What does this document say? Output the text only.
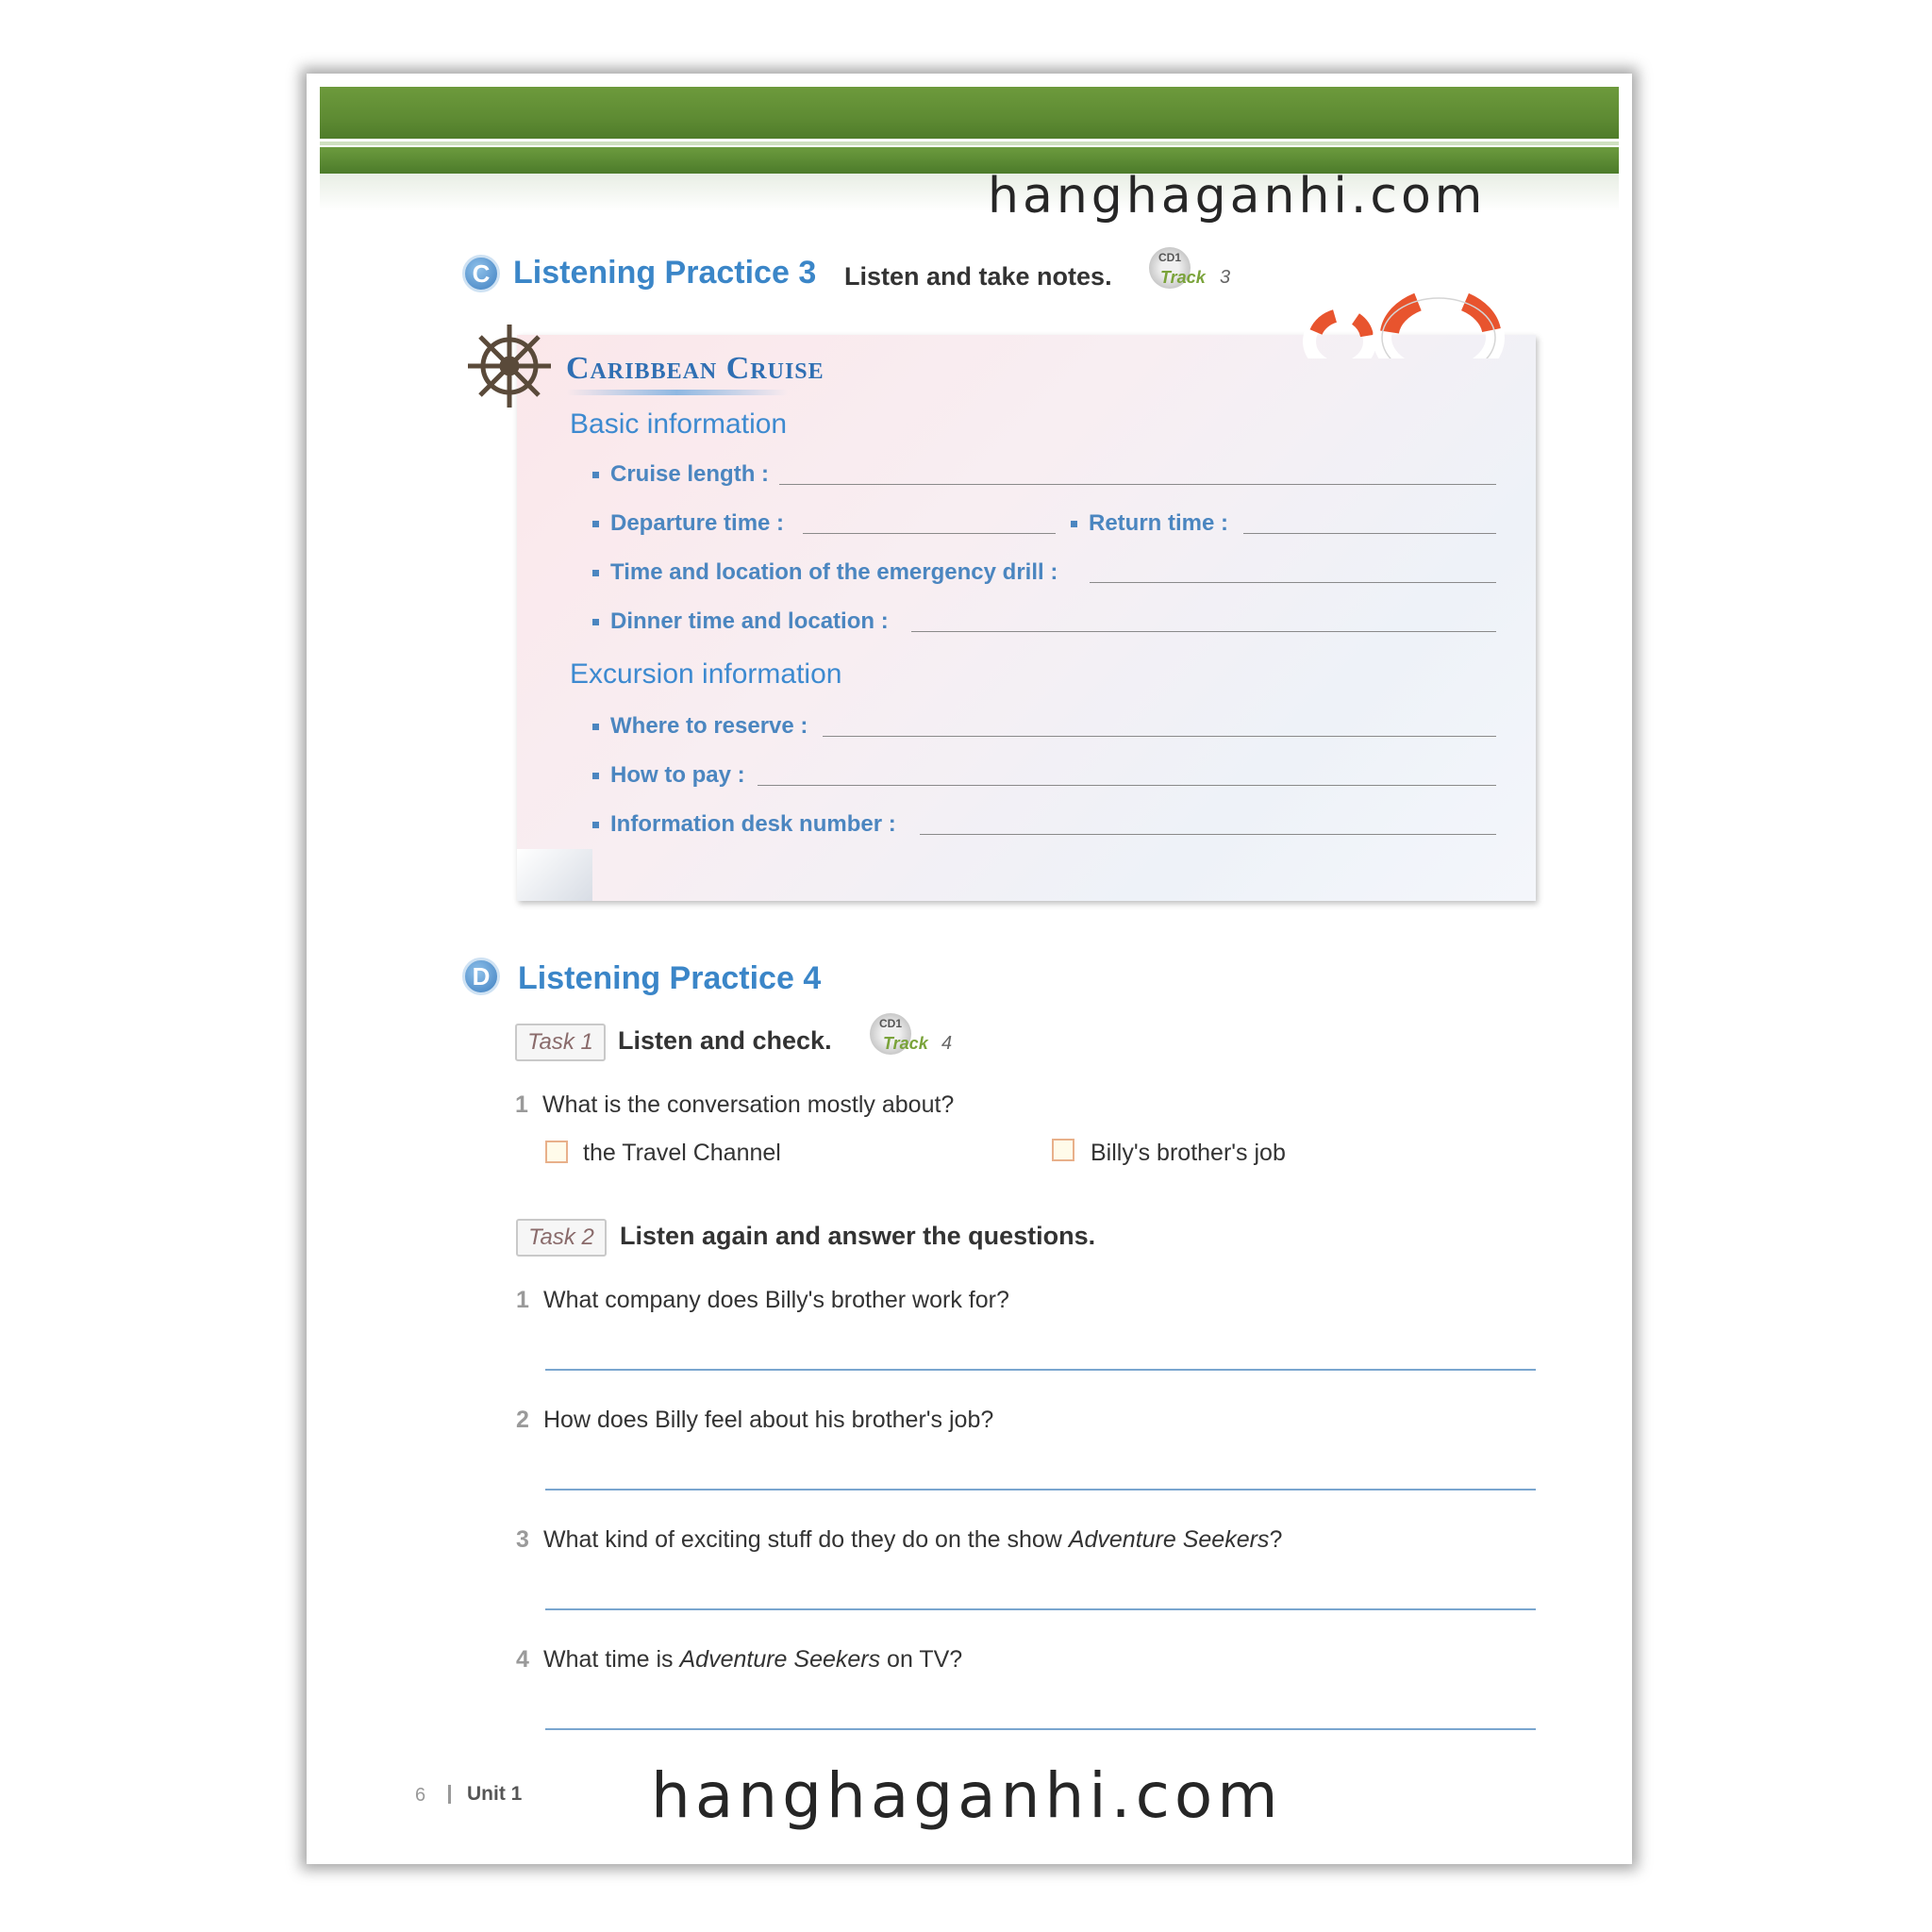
hanghaganhi.com
C Listening Practice 3 Listen and take notes.
CD1
Track 3
Caribbean Cruise
Basic information
Cruise length :
Departure time :	Return time :
Time and location of the emergency drill :
Dinner time and location :
Excursion information
Where to reserve :
How to pay :
Information desk number :
D Listening Practice 4
Task 1 Listen and check.
CD1
Track 4
1 What is the conversation mostly about?
the Travel Channel	Billy's brother's job
Task 2	Listen again and answer the questions.
1 What company does Billy's brother work for?
2 How does Billy feel about his brother's job?
3 What kind of exciting stuff do they do on the show Adventure Seekers?
4 What time is Adventure Seekers on TV?
6 Unit 1 hanghaganhi.com
